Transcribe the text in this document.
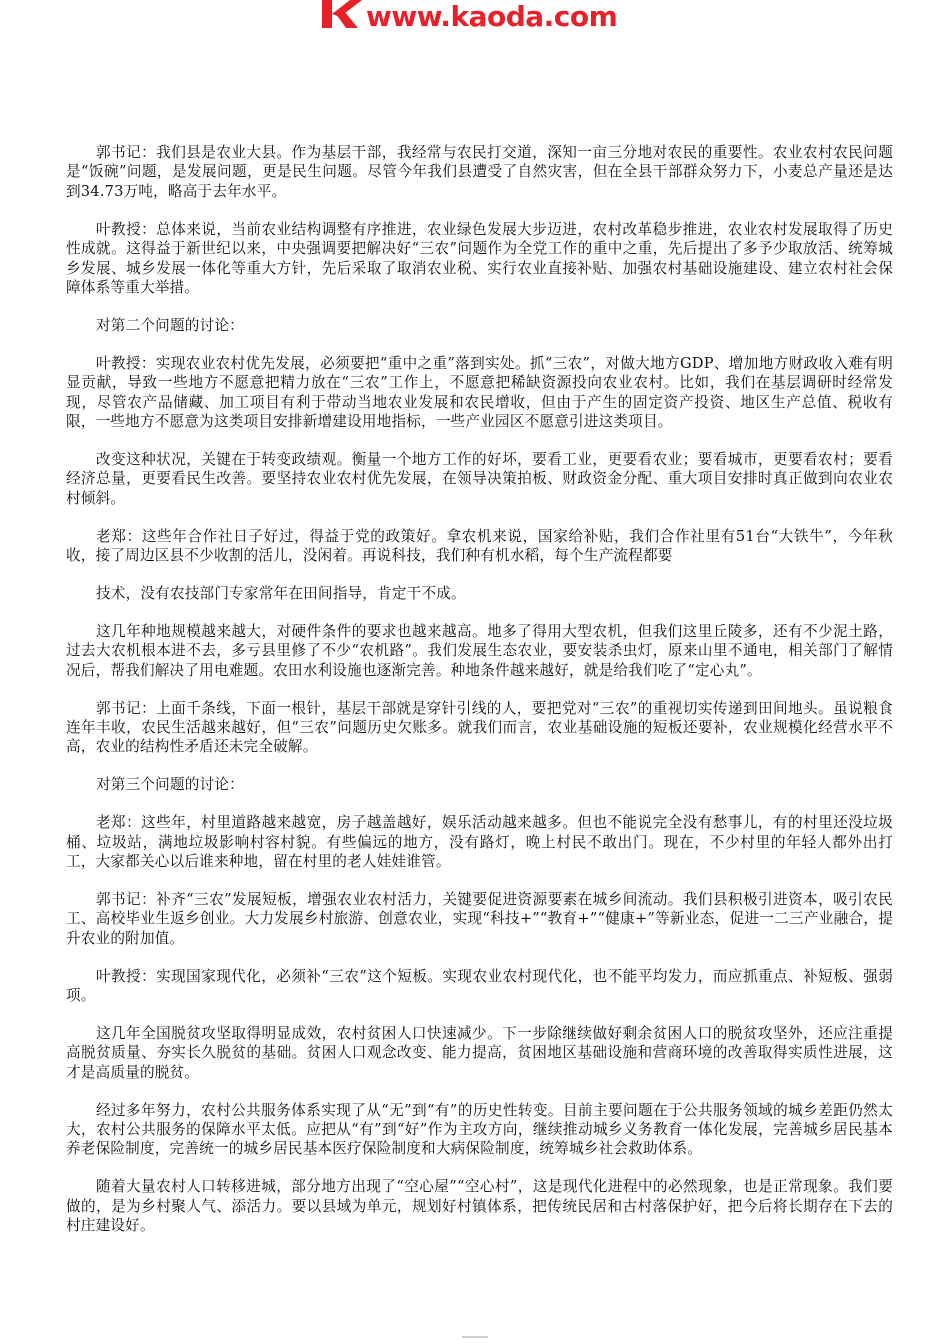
www.kaoda.com

郭书记：我们县是农业大县。作为基层干部，我经常与农民打交道，深知一亩三分地对农民的重要性。农业农村农民问题是“饭碗”问题，是发展问题，更是民生问题。尽管今年我们县遭受了自然灾害，但在全县干部群众努力下，小麦总产量还是达到34.73万吨，略高于去年水平。

叶教授：总体来说，当前农业结构调整有序推进，农业绿色发展大步迈进，农村改革稳步推进，农业农村发展取得了历史性成就。这得益于新世纪以来，中央强调要把解决好“三农”问题作为全党工作的重中之重，先后提出了多予少取放活、统筹城乡发展、城乡发展一体化等重大方针，先后采取了取消农业税、实行农业直接补贴、加强农村基础设施建设、建立农村社会保障体系等重大举措。

对第二个问题的讨论：

叶教授：实现农业农村优先发展，必须要把“重中之重”落到实处。抓“三农”，对做大地方GDP、增加地方财政收入难有明显贡献，导致一些地方不愿意把精力放在“三农”工作上，不愿意把稀缺资源投向农业农村。比如，我们在基层调研时经常发现，尽管农产品储藏、加工项目有利于带动当地农业发展和农民增收，但由于产生的固定资产投资、地区生产总值、税收有限，一些地方不愿意为这类项目安排新增建设用地指标，一些产业园区不愿意引进这类项目。

改变这种状况，关键在于转变政绩观。衡量一个地方工作的好坏，要看工业，更要看农业；要看城市，更要看农村；要看经济总量，更要看民生改善。要坚持农业农村优先发展，在领导决策拍板、财政资金分配、重大项目安排时真正做到向农业农村倾斜。

老郑：这些年合作社日子好过，得益于党的政策好。拿农机来说，国家给补贴，我们合作社里有51台“大铁牛”，今年秋收，接了周边区县不少收割的活儿，没闲着。再说科技，我们种有机水稻，每个生产流程都要

技术，没有农技部门专家常年在田间指导，肯定干不成。

这几年种地规模越来越大，对硬件条件的要求也越来越高。地多了得用大型农机，但我们这里丘陵多，还有不少泥土路，过去大农机根本进不去，多亏县里修了不少“农机路”。我们发展生态农业，要安装杀虫灯，原来山里不通电，相关部门了解情况后，帮我们解决了用电难题。农田水利设施也逐渐完善。种地条件越来越好，就是给我们吃了“定心丸”。

郭书记：上面千条线，下面一根针，基层干部就是穿针引线的人，要把党对“三农”的重视切实传递到田间地头。虽说粮食连年丰收，农民生活越来越好，但“三农”问题历史欠账多。就我们而言，农业基础设施的短板还要补，农业规模化经营水平不高，农业的结构性矛盾还未完全破解。

对第三个问题的讨论：

老郑：这些年，村里道路越来越宽，房子越盖越好，娱乐活动越来越多。但也不能说完全没有愁事儿，有的村里还没垃圾桶、垃圾站，满地垃圾影响村容村貌。有些偏远的地方，没有路灯，晚上村民不敢出门。现在，不少村里的年轻人都外出打工，大家都关心以后谁来种地，留在村里的老人娃娃谁管。

郭书记：补齐“三农”发展短板，增强农业农村活力，关键要促进资源要素在城乡间流动。我们县积极引进资本，吸引农民工、高校毕业生返乡创业。大力发展乡村旅游、创意农业，实现“科技+”“教育+”“健康+”等新业态，促进一二三产业融合，提升农业的附加值。

叶教授：实现国家现代化，必须补“三农”这个短板。实现农业农村现代化，也不能平均发力，而应抓重点、补短板、强弱项。

这几年全国脱贫攻坚取得明显成效，农村贫困人口快速减少。下一步除继续做好剩余贫困人口的脱贫攻坚外，还应注重提高脱贫质量、夯实长久脱贫的基础。贫困人口观念改变、能力提高，贫困地区基础设施和营商环境的改善取得实质性进展，这才是高质量的脱贫。

经过多年努力，农村公共服务体系实现了从“无”到“有”的历史性转变。目前主要问题在于公共服务领域的城乡差距仍然太大，农村公共服务的保障水平太低。应把从“有”到“好”作为主攻方向，继续推动城乡义务教育一体化发展，完善城乡居民基本养老保险制度，完善统一的城乡居民基本医疗保险制度和大病保险制度，统筹城乡社会救助体系。

随着大量农村人口转移进城，部分地方出现了“空心屋”“空心村”，这是现代化进程中的必然现象，也是正常现象。我们要做的，是为乡村聚人气、添活力。要以县域为单元，规划好村镇体系，把传统民居和古村落保护好，把今后将长期存在下去的村庄建设好。
